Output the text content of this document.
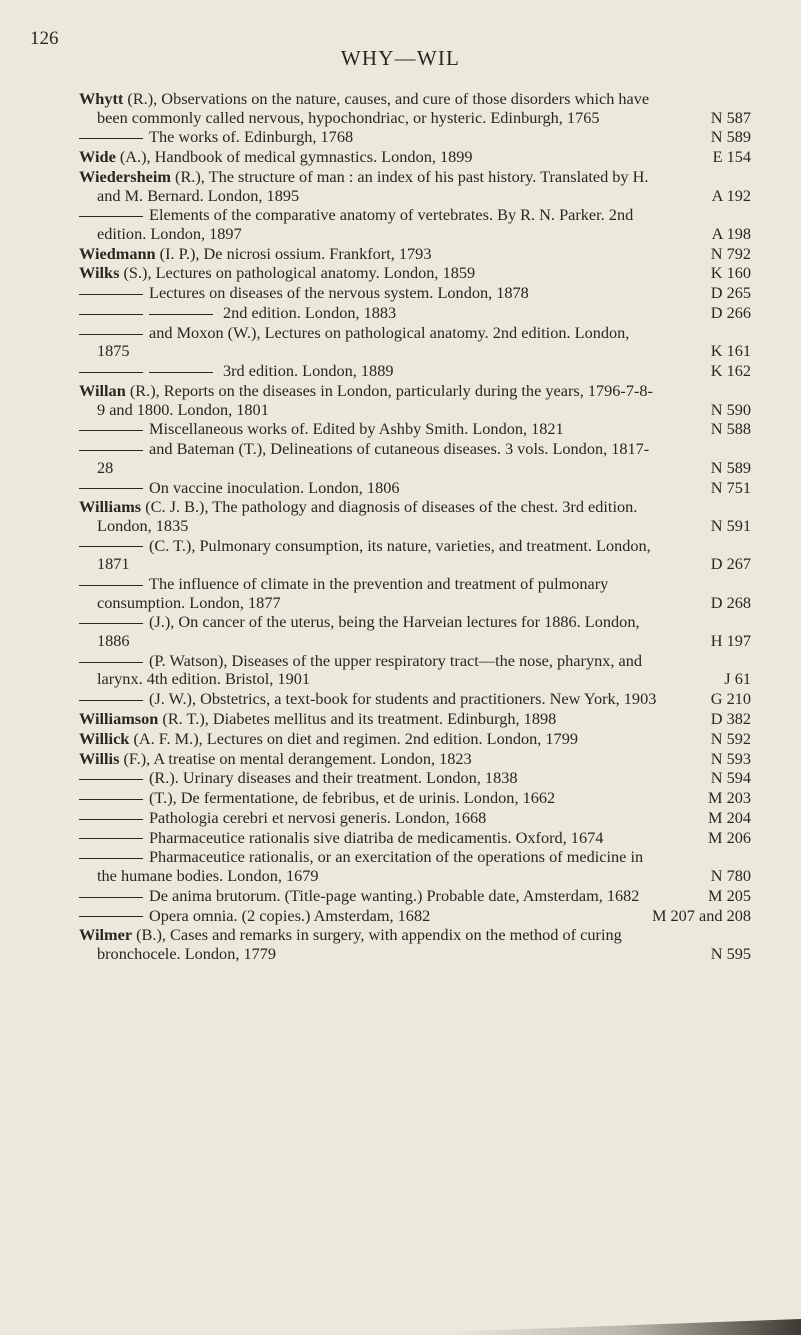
126
WHY—WIL
Whytt (R.), Observations on the nature, causes, and cure of those disorders which have been commonly called nervous, hypochondriac, or hysteric. Edinburgh, 1765	N 587
The works of. Edinburgh, 1768	N 589
Wide (A.), Handbook of medical gymnastics. London, 1899	E 154
Wiedersheim (R.), The structure of man : an index of his past history. Translated by H. and M. Bernard. London, 1895	A 192
Elements of the comparative anatomy of vertebrates. By R. N. Parker. 2nd edition. London, 1897	A 198
Wiedmann (I. P.), De nicrosi ossium. Frankfort, 1793	N 792
Wilks (S.), Lectures on pathological anatomy. London, 1859	K 160
Lectures on diseases of the nervous system. London, 1878	D 265
2nd edition. London, 1883	D 266
and Moxon (W.), Lectures on pathological anatomy. 2nd edition. London, 1875	K 161
3rd edition. London, 1889	K 162
Willan (R.), Reports on the diseases in London, particularly during the years, 1796-7-8-9 and 1800. London, 1801	N 590
Miscellaneous works of. Edited by Ashby Smith. London, 1821	N 588
and Bateman (T.), Delineations of cutaneous diseases. 3 vols. London, 1817-28	N 589
On vaccine inoculation. London, 1806	N 751
Williams (C. J. B.), The pathology and diagnosis of diseases of the chest. 3rd edition. London, 1835	N 591
(C. T.), Pulmonary consumption, its nature, varieties, and treatment. London, 1871	D 267
The influence of climate in the prevention and treatment of pulmonary consumption. London, 1877	D 268
(J.), On cancer of the uterus, being the Harveian lectures for 1886. London, 1886	H 197
(P. Watson), Diseases of the upper respiratory tract—the nose, pharynx, and larynx. 4th edition. Bristol, 1901	J 61
(J. W.), Obstetrics, a text-book for students and practitioners. New York, 1903	G 210
Williamson (R. T.), Diabetes mellitus and its treatment. Edinburgh, 1898	D 382
Willick (A. F. M.), Lectures on diet and regimen. 2nd edition. London, 1799	N 592
Willis (F.), A treatise on mental derangement. London, 1823	N 593
(R.). Urinary diseases and their treatment. London, 1838	N 594
(T.), De fermentatione, de febribus, et de urinis. London, 1662	M 203
Pathologia cerebri et nervosi generis. London, 1668	M 204
Pharmaceutice rationalis sive diatriba de medicamentis. Oxford, 1674	M 206
Pharmaceutice rationalis, or an exercitation of the operations of medicine in the humane bodies. London, 1679	N 780
De anima brutorum. (Title-page wanting.) Probable date, Amsterdam, 1682	M 205
Opera omnia. (2 copies.) Amsterdam, 1682	M 207 and 208
Wilmer (B.), Cases and remarks in surgery, with appendix on the method of curing bronchocele. London, 1779	N 595
